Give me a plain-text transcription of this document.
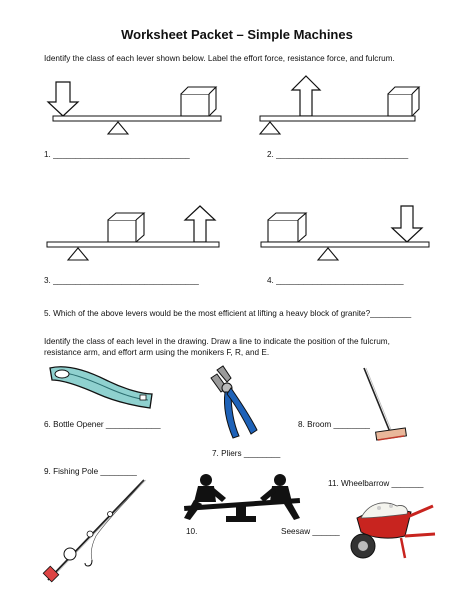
Worksheet Packet – Simple Machines
Identify the class of each lever shown below. Label the effort force, resistance force, and fulcrum.
1. ______________________________	2. _____________________________
3. ________________________________	4. ____________________________
5. Which of the above levers would be the most efficient at lifting a heavy block of granite?_________
Identify the class of each level in the drawing. Draw a line to indicate the position of the fulcrum,
resistance arm, and effort arm using the monikers F, R, and E.
6. Bottle Opener ____________
7. Pliers ________
8. Broom ________
9. Fishing Pole ________
10.	Seesaw ______
11. Wheelbarrow _______
